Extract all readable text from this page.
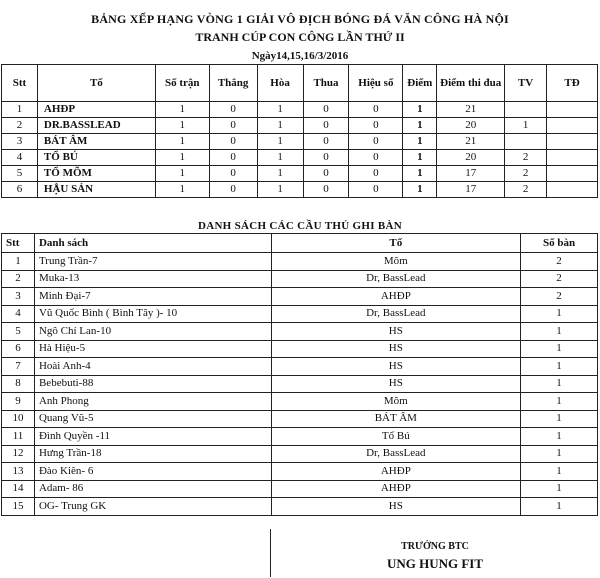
BẢNG XẾP HẠNG VÒNG 1 GIẢI VÔ ĐỊCH BÓNG ĐÁ VĂN CÔNG HÀ NỘI
TRANH CÚP CON CÔNG LẦN THỨ II
Ngày14,15,16/3/2016
Stt	Tổ	Số trận	Thắng	Hòa	Thua	Hiệu số	Điểm	Điểm thi đua	TV	TĐ
1	AHĐP	1	0	1	0	0	1	21		
2	DR.BASSLEAD	1	0	1	0	0	1	20	1	
3	BÁT ÂM	1	0	1	0	0	1	21		
4	TỔ BÚ	1	0	1	0	0	1	20	2	
5	TỔ MÕM	1	0	1	0	0	1	17	2	
6	HẬU SẢN	1	0	1	0	0	1	17	2	
DANH SÁCH CÁC CẦU THỦ GHI BÀN
Stt	Danh sách	Tổ	Số bàn
1	Trung Trần-7	Mõm	2
2	Muka-13	Dr, BassLead	2
3	Minh Đại-7	AHĐP	2
4	Vũ Quốc Bình ( Bình Tây )- 10	Dr, BassLead	1
5	Ngô Chí Lan-10	HS	1
6	Hà Hiệu-5	HS	1
7	Hoài Anh-4	HS	1
8	Bebebuti-88	HS	1
9	Anh Phong	Mõm	1
10	Quang Vũ-5	BÁT ÂM	1
11	Đình Quyền -11	Tổ Bú	1
12	Hưng Trần-18	Dr, BassLead	1
13	Đào Kiên- 6	AHĐP	1
14	Adam- 86	AHĐP	1
15	OG- Trung GK	HS	1
TRƯỞNG BTC
UNG HUNG FIT
